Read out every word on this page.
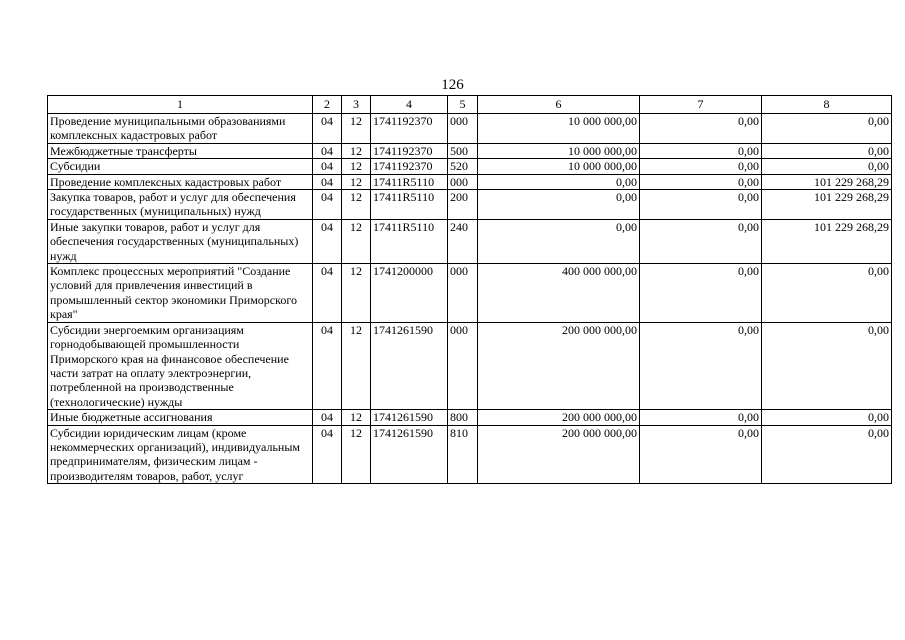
126
1	2	3	4	5	6	7	8
Проведение муниципальными образованиями комплексных кадастровых работ	04	12	1741192370	000	10 000 000,00	0,00	0,00
Межбюджетные трансферты	04	12	1741192370	500	10 000 000,00	0,00	0,00
Субсидии	04	12	1741192370	520	10 000 000,00	0,00	0,00
Проведение комплексных кадастровых работ	04	12	17411R5110	000	0,00	0,00	101 229 268,29
Закупка товаров, работ и услуг для обеспечения государственных (муниципальных) нужд	04	12	17411R5110	200	0,00	0,00	101 229 268,29
Иные закупки товаров, работ и услуг для обеспечения государственных (муниципальных) нужд	04	12	17411R5110	240	0,00	0,00	101 229 268,29
Комплекс процессных мероприятий "Создание условий для привлечения инвестиций в промышленный сектор экономики Приморского края"	04	12	1741200000	000	400 000 000,00	0,00	0,00
Субсидии энергоемким организациям горнодобывающей промышленности Приморского края на финансовое обеспечение части затрат на оплату электроэнергии, потребленной на производственные (технологические) нужды	04	12	1741261590	000	200 000 000,00	0,00	0,00
Иные бюджетные ассигнования	04	12	1741261590	800	200 000 000,00	0,00	0,00
Субсидии юридическим лицам (кроме некоммерческих организаций), индивидуальным предпринимателям, физическим лицам - производителям товаров, работ, услуг	04	12	1741261590	810	200 000 000,00	0,00	0,00
